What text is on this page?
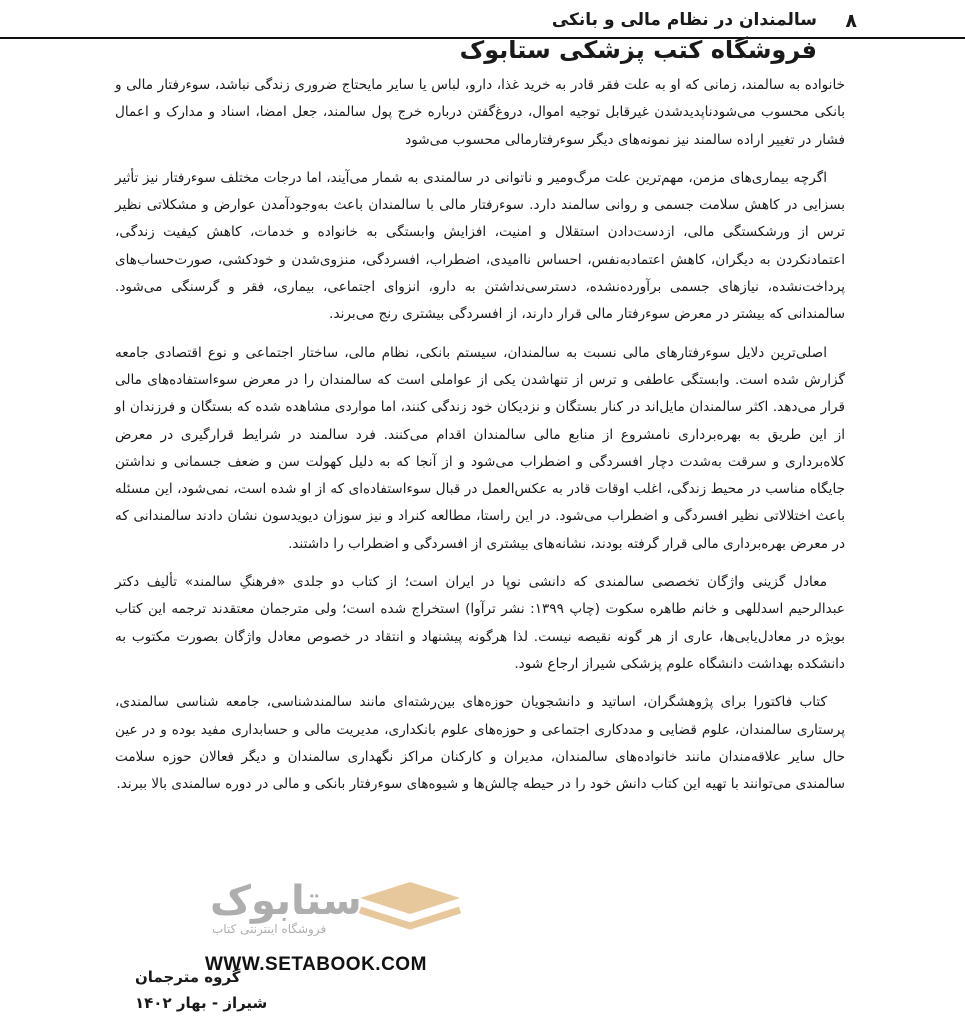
۸
سالمندان در نظام مالی و بانکی
فروشگاه کتب پزشکی ستابوک

خانواده به سالمند، زمانی که او به علت فقر قادر به خرید غذا، دارو، لباس یا سایر مایحتاج ضروری زندگی نباشد، سوءرفتار مالی و بانکی محسوب می‌شود‌ناپدیدشدن غیرقابل توجیه اموال، دروغ‌گفتن درباره خرج پول سالمند، جعل امضا، اسناد و مدارک و اعمال فشار در تغییر اراده سالمند نیز نمونه‌های دیگر سوءرفتارمالی محسوب می‌شود

اگرچه بیماری‌های مزمن، مهم‌ترین علت مرگ‌ومیر و ناتوانی در سالمندی به شمار می‌آیند، اما درجات مختلف سوءرفتار نیز تأثیر بسزایی در کاهش سلامت جسمی و روانی سالمند دارد. سوءرفتار مالی با سالمندان باعث به‌وجودآمدن عوارض و مشکلاتی نظیر ترس از ورشکستگی مالی، ازدست‌دادن استقلال و امنیت، افزایش وابستگی به خانواده و خدمات، کاهش کیفیت زندگی، اعتمادنکردن به دیگران، کاهش اعتمادبه‌نفس، احساس ناامیدی، اضطراب، افسردگی، منزوی‌شدن و خودکشی، صورت‌حساب‌های پرداخت‌نشده، نیازهای جسمی برآورده‌نشده، دسترسی‌نداشتن به دارو، انزوای اجتماعی، بیماری، فقر و گرسنگی می‌شود. سالمندانی که بیشتر در معرض سوءرفتار مالی قرار دارند، از افسردگی بیشتری رنج می‌برند.

اصلی‌ترین دلایل سوءرفتارهای مالی نسبت به سالمندان، سیستم بانکی، نظام مالی، ساختار اجتماعی و نوع اقتصادی جامعه گزارش شده است. وابستگی عاطفی و ترس از تنهاشدن یکی از عواملی است که سالمندان را در معرض سوءاستفاده‌های مالی قرار می‌دهد. اکثر سالمندان مایل‌اند در کنار بستگان و نزدیکان خود زندگی کنند، اما مواردی مشاهده شده که بستگان و فرزندان او از این طریق به بهره‌برداری نامشروع از منابع مالی سالمندان اقدام می‌کنند. فرد سالمند در شرایط قرارگیری در معرض کلاه‌برداری و سرقت به‌شدت دچار افسردگی و اضطراب می‌شود و از آنجا که به دلیل کهولت سن و ضعف جسمانی و نداشتن جایگاه مناسب در محیط زندگی، اغلب اوقات قادر به عکس‌العمل در قبال سوءاستفاده‌ای که از او شده است، نمی‌شود، این مسئله باعث اختلالاتی نظیر افسردگی و اضطراب می‌شود. در این راستا، مطالعه کنراد و نیز سوزان دیویدسون نشان دادند سالمندانی که در معرض بهره‌برداری مالی قرار گرفته بودند، نشانه‌های بیشتری از افسردگی و اضطراب را داشتند.

معادل گزینی واژگان تخصصی سالمندی که دانشی نوپا در ایران است؛ از کتاب دو جلدی «فرهنگِ سالمند» تألیف دکتر عبدالرحیم اسدللهی و خانم طاهره سکوت (چاپ ۱۳۹۹: نشر ترآوا) استخراج شده است؛ ولی مترجمان معتقدند ترجمه این کتاب بویژه در معادل‌یابی‌ها، عاری از هر گونه نقیصه نیست. لذا هرگونه پیشنهاد و انتقاد در خصوص معادل واژگان بصورت مکتوب به دانشکده بهداشت دانشگاه علوم پزشکی شیراز ارجاع شود.

کتاب فاکتورا برای پژوهشگران، اساتید و دانشجویان حوزه‌های بین‌رشته‌ای مانند سالمندشناسی، جامعه شناسی سالمندی، پرستاری سالمندان، علوم قضایی و مددکاری اجتماعی و حوزه‌های علوم بانکداری، مدیریت مالی و حسابداری مفید بوده و در عین حال سایر علاقه‌مندان مانند خانواده‌های سالمندان، مدیران و کارکنان مراکز نگهداری سالمندان و دیگر فعالان حوزه سلامت سالمندی می‌توانند با تهیه این کتاب دانش خود را در حیطه چالش‌ها و شیوه‌های سوءرفتار بانکی و مالی در دوره سالمندی بالا ببرند.

ستابوک
فروشگاه اینترنتی کتاب
WWW.SETABOOK.COM
گروه مترجمان
شیراز - بهار ۱۴۰۲
